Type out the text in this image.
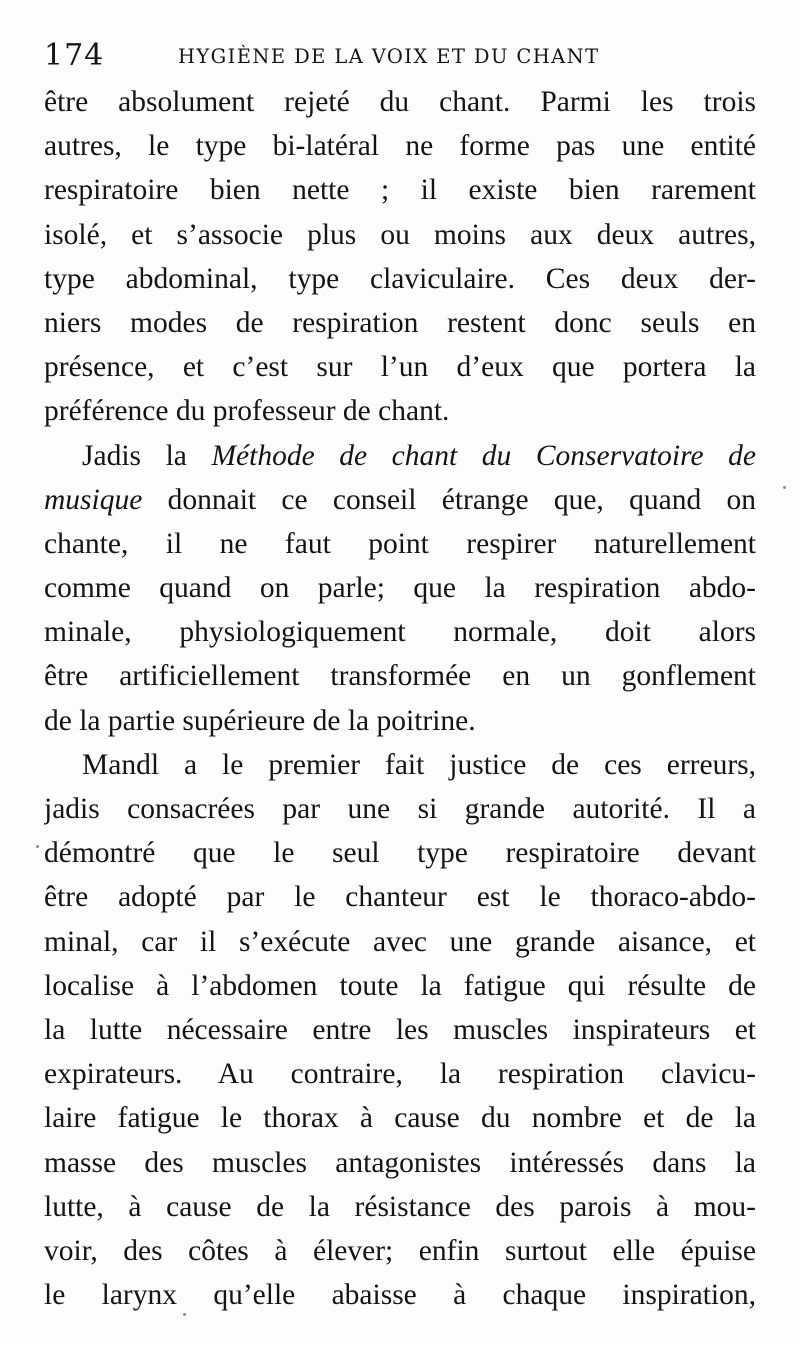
174	HYGIÈNE DE LA VOIX ET DU CHANT
être absolument rejeté du chant. Parmi les trois
autres, le type bi-latéral ne forme pas une entité
respiratoire bien nette ; il existe bien rarement
isolé, et s’associe plus ou moins aux deux autres,
type abdominal, type claviculaire. Ces deux der-
niers modes de respiration restent donc seuls en
présence, et c’est sur l’un d’eux que portera la
préférence du professeur de chant.
Jadis la Méthode de chant du Conservatoire de
musique donnait ce conseil étrange que, quand on
chante, il ne faut point respirer naturellement
comme quand on parle; que la respiration abdo-
minale, physiologiquement normale, doit alors
être artificiellement transformée en un gonflement
de la partie supérieure de la poitrine.
Mandl a le premier fait justice de ces erreurs,
jadis consacrées par une si grande autorité. Il a
démontré que le seul type respiratoire devant
être adopté par le chanteur est le thoraco-abdo-
minal, car il s’exécute avec une grande aisance, et
localise à l’abdomen toute la fatigue qui résulte de
la lutte nécessaire entre les muscles inspirateurs et
expirateurs. Au contraire, la respiration clavicu-
laire fatigue le thorax à cause du nombre et de la
masse des muscles antagonistes intéressés dans la
lutte, à cause de la résistance des parois à mou-
voir, des côtes à élever; enfin surtout elle épuise
le larynx qu’elle abaisse à chaque inspiration,
